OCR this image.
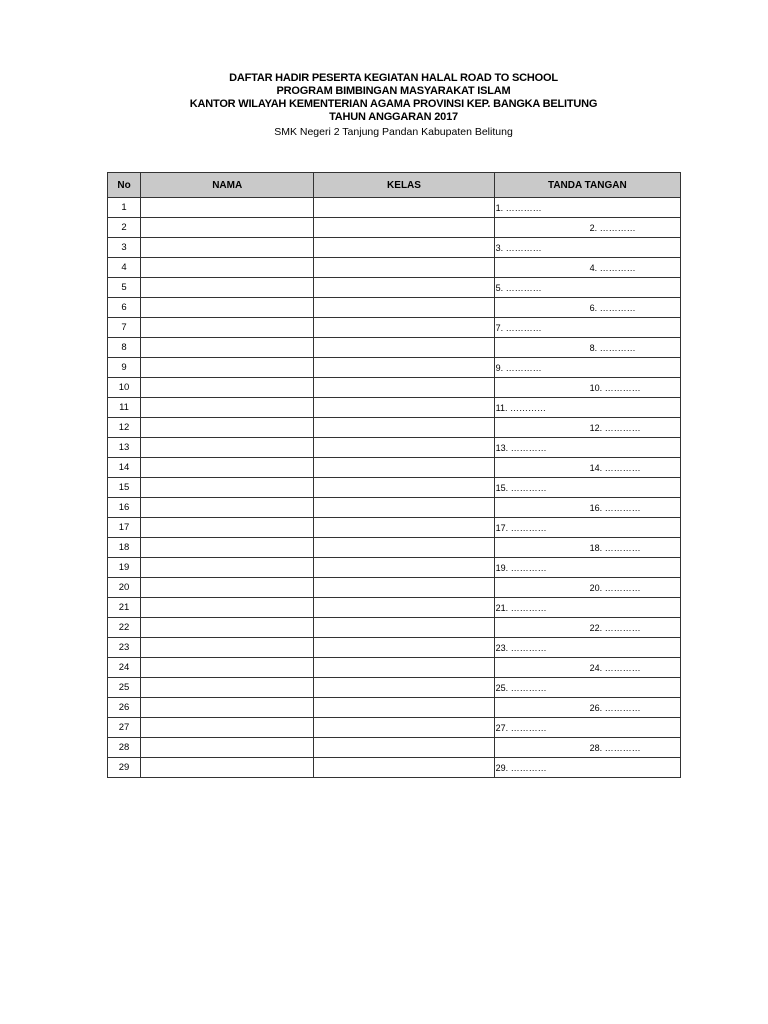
DAFTAR HADIR PESERTA KEGIATAN HALAL ROAD TO SCHOOL
PROGRAM BIMBINGAN MASYARAKAT ISLAM
KANTOR WILAYAH KEMENTERIAN AGAMA PROVINSI KEP. BANGKA BELITUNG
TAHUN ANGGARAN 2017
SMK Negeri 2 Tanjung Pandan Kabupaten Belitung
No	NAMA	KELAS	TANDA TANGAN
1			1. …………
2			2. …………
3			3. …………
4			4. …………
5			5. …………
6			6. …………
7			7. …………
8			8. …………
9			9. …………
10			10. …………
11			11. …………
12			12. …………
13			13. …………
14			14. …………
15			15. …………
16			16. …………
17			17. …………
18			18. …………
19			19. …………
20			20. …………
21			21. …………
22			22. …………
23			23. …………
24			24. …………
25			25. …………
26			26. …………
27			27. …………
28			28. …………
29			29. …………
